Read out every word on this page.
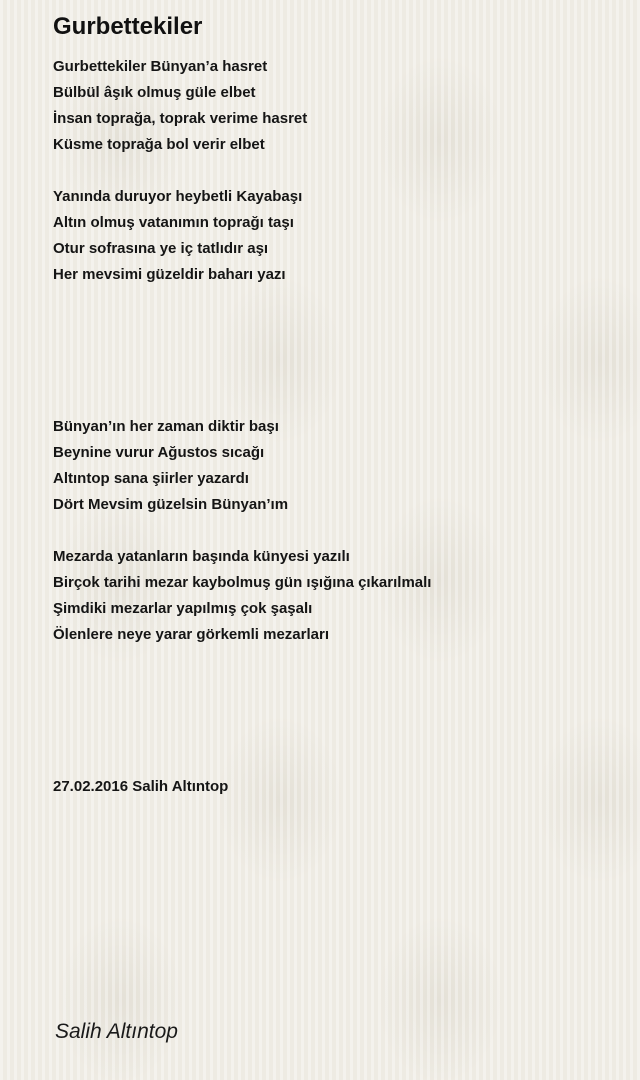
Gurbettekiler
Gurbettekiler Bünyan’a hasret
Bülbül âşık olmuş güle elbet
İnsan toprağa, toprak verime hasret
Küsme toprağa bol verir elbet
Yanında duruyor heybetli Kayabaşı
Altın olmuş vatanımın toprağı taşı
Otur sofrasına ye iç tatlıdır aşı
Her mevsimi güzeldir baharı yazı
Bünyan’ın her zaman diktir başı
Beynine vurur Ağustos sıcağı
Altıntop sana şiirler yazardı
Dört Mevsim güzelsin Bünyan’ım
Mezarda yatanların başında künyesi yazılı
Birçok tarihi mezar kaybolmuş gün ışığına çıkarılmalı
Şimdiki mezarlar yapılmış çok şaşalı
Ölenlere neye yarar görkemli mezarları
27.02.2016 Salih Altıntop
Salih Altıntop
